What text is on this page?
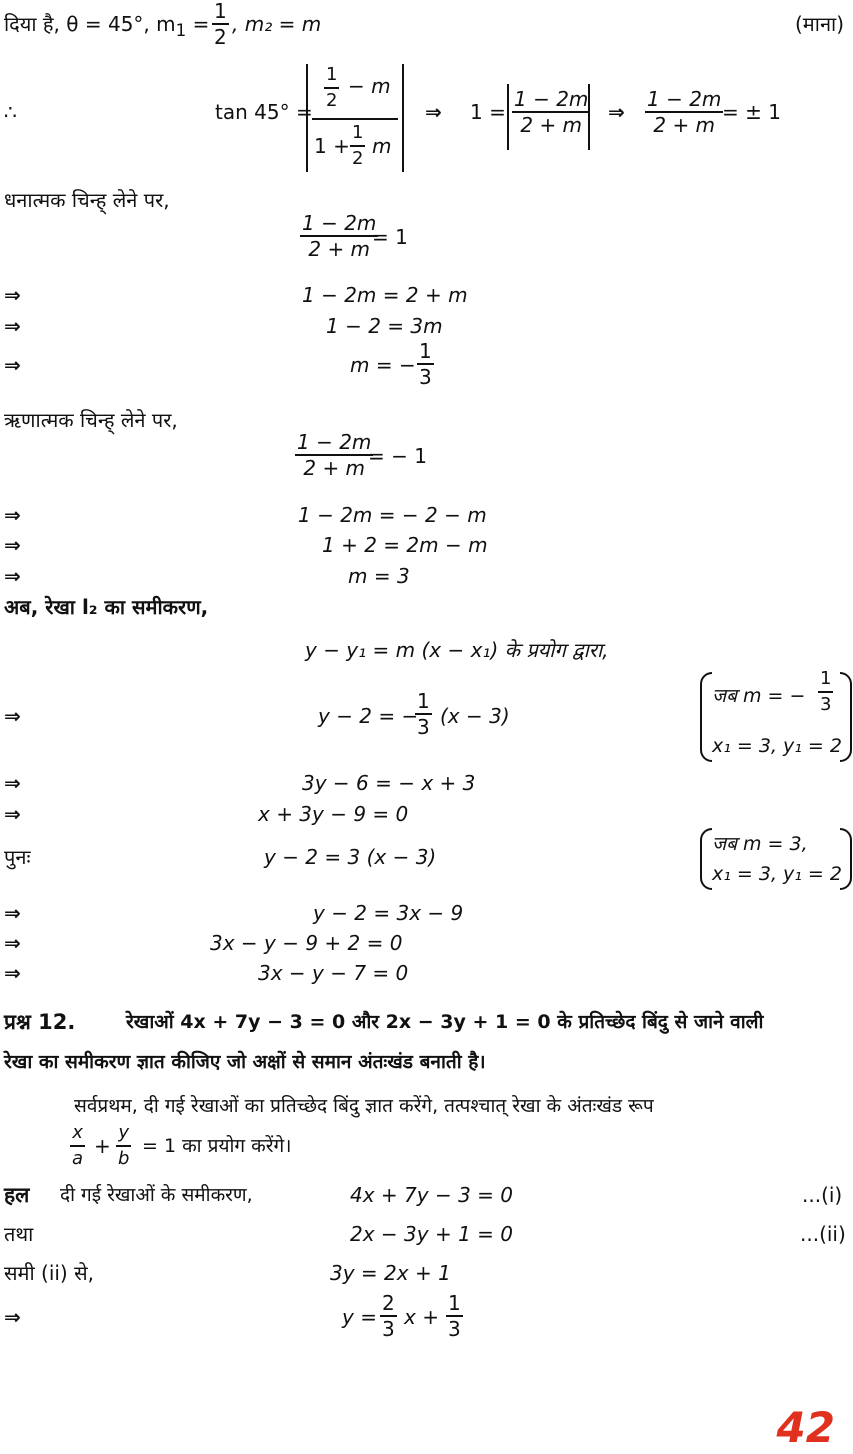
दिया है, θ = 45°, $m_1 = \frac{1}{2}$ , m₂ = m	(माना)
∴	$\tan 45^\circ = \frac{\frac{1}{2} - m}{1 + \frac{1}{2} m}$ ⇒ $1 = \frac{1 - 2m}{2 + m}$ ⇒ $\frac{1 - 2m}{2 + m}$
= ± 1
धनात्मक चिन्ह् लेने पर,
$\frac{1 - 2m}{2 + m}$
= 1
⇒	1 − 2m = 2 + m
⇒	1 − 2 = 3m
⇒	m = − $\frac{1}{3}$
ऋणात्मक चिन्ह् लेने पर,
$\frac{1 - 2m}{2 + m}$
= − 1
⇒	1 − 2m = − 2 − m
⇒	1 + 2 = 2m − m
⇒	m = 3
अब, रेखा l₂ का समीकरण,
y − y₁ = m (x − x₁) के प्रयोग द्वारा,
⇒	y − 2 = −
$\frac{1}{3} (x - 3)$
जब m = − $\frac{1}{3}$
x₁ = 3, y₁ = 2
⇒	3y − 6 = − x + 3
⇒	x + 3y − 9 = 0
पुनः	y − 2 = 3 (x − 3)
जब m = 3,
x₁ = 3, y₁ = 2
⇒	y − 2 = 3x − 9
⇒	3x − y − 9 + 2 = 0
⇒	3x − y − 7 = 0
प्रश्न 12.	रेखाओं 4x + 7y − 3 = 0 और 2x − 3y + 1 = 0 के प्रतिच्छेद बिंदु से जाने वाली
रेखा का समीकरण ज्ञात कीजिए जो अक्षों से समान अंतःखंड बनाती है।
सर्वप्रथम, दी गई रेखाओं का प्रतिच्छेद बिंदु ज्ञात करेंगे, तत्पश्चात् रेखा के अंतःखंड रूप
$\frac{x}{a} + \frac{y}{b} = 1$ का प्रयोग करेंगे।
हल दी गई रेखाओं के समीकरण,	4x + 7y − 3 = 0	...(i)
तथा	2x − 3y + 1 = 0	...(ii)
समी (ii) से,	3y = 2x + 1
⇒	y =
2
3 x +
1
3
42
